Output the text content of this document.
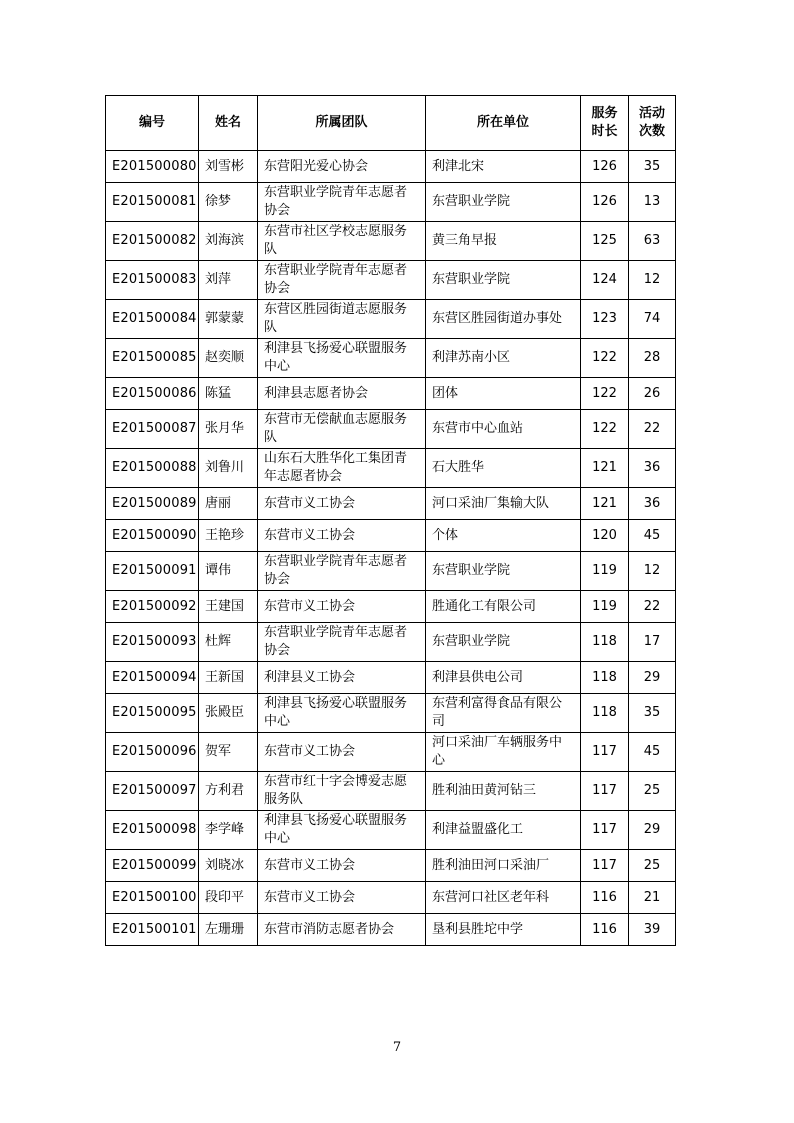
编号	姓名	所属团队	所在单位	服务时长	活动次数
E201500080	刘雪彬	东营阳光爱心协会	利津北宋	126	35
E201500081	徐梦	东营职业学院青年志愿者协会	东营职业学院	126	13
E201500082	刘海滨	东营市社区学校志愿服务队	黄三角早报	125	63
E201500083	刘萍	东营职业学院青年志愿者协会	东营职业学院	124	12
E201500084	郭蒙蒙	东营区胜园街道志愿服务队	东营区胜园街道办事处	123	74
E201500085	赵奕顺	利津县飞扬爱心联盟服务中心	利津苏南小区	122	28
E201500086	陈猛	利津县志愿者协会	团体	122	26
E201500087	张月华	东营市无偿献血志愿服务队	东营市中心血站	122	22
E201500088	刘鲁川	山东石大胜华化工集团青年志愿者协会	石大胜华	121	36
E201500089	唐丽	东营市义工协会	河口采油厂集输大队	121	36
E201500090	王艳珍	东营市义工协会	个体	120	45
E201500091	谭伟	东营职业学院青年志愿者协会	东营职业学院	119	12
E201500092	王建国	东营市义工协会	胜通化工有限公司	119	22
E201500093	杜辉	东营职业学院青年志愿者协会	东营职业学院	118	17
E201500094	王新国	利津县义工协会	利津县供电公司	118	29
E201500095	张殿臣	利津县飞扬爱心联盟服务中心	东营利富得食品有限公司	118	35
E201500096	贺军	东营市义工协会	河口采油厂车辆服务中心	117	45
E201500097	方利君	东营市红十字会博爱志愿服务队	胜利油田黄河钻三	117	25
E201500098	李学峰	利津县飞扬爱心联盟服务中心	利津益盟盛化工	117	29
E201500099	刘晓冰	东营市义工协会	胜利油田河口采油厂	117	25
E201500100	段印平	东营市义工协会	东营河口社区老年科	116	21
E201500101	左珊珊	东营市消防志愿者协会	垦利县胜坨中学	116	39
7
